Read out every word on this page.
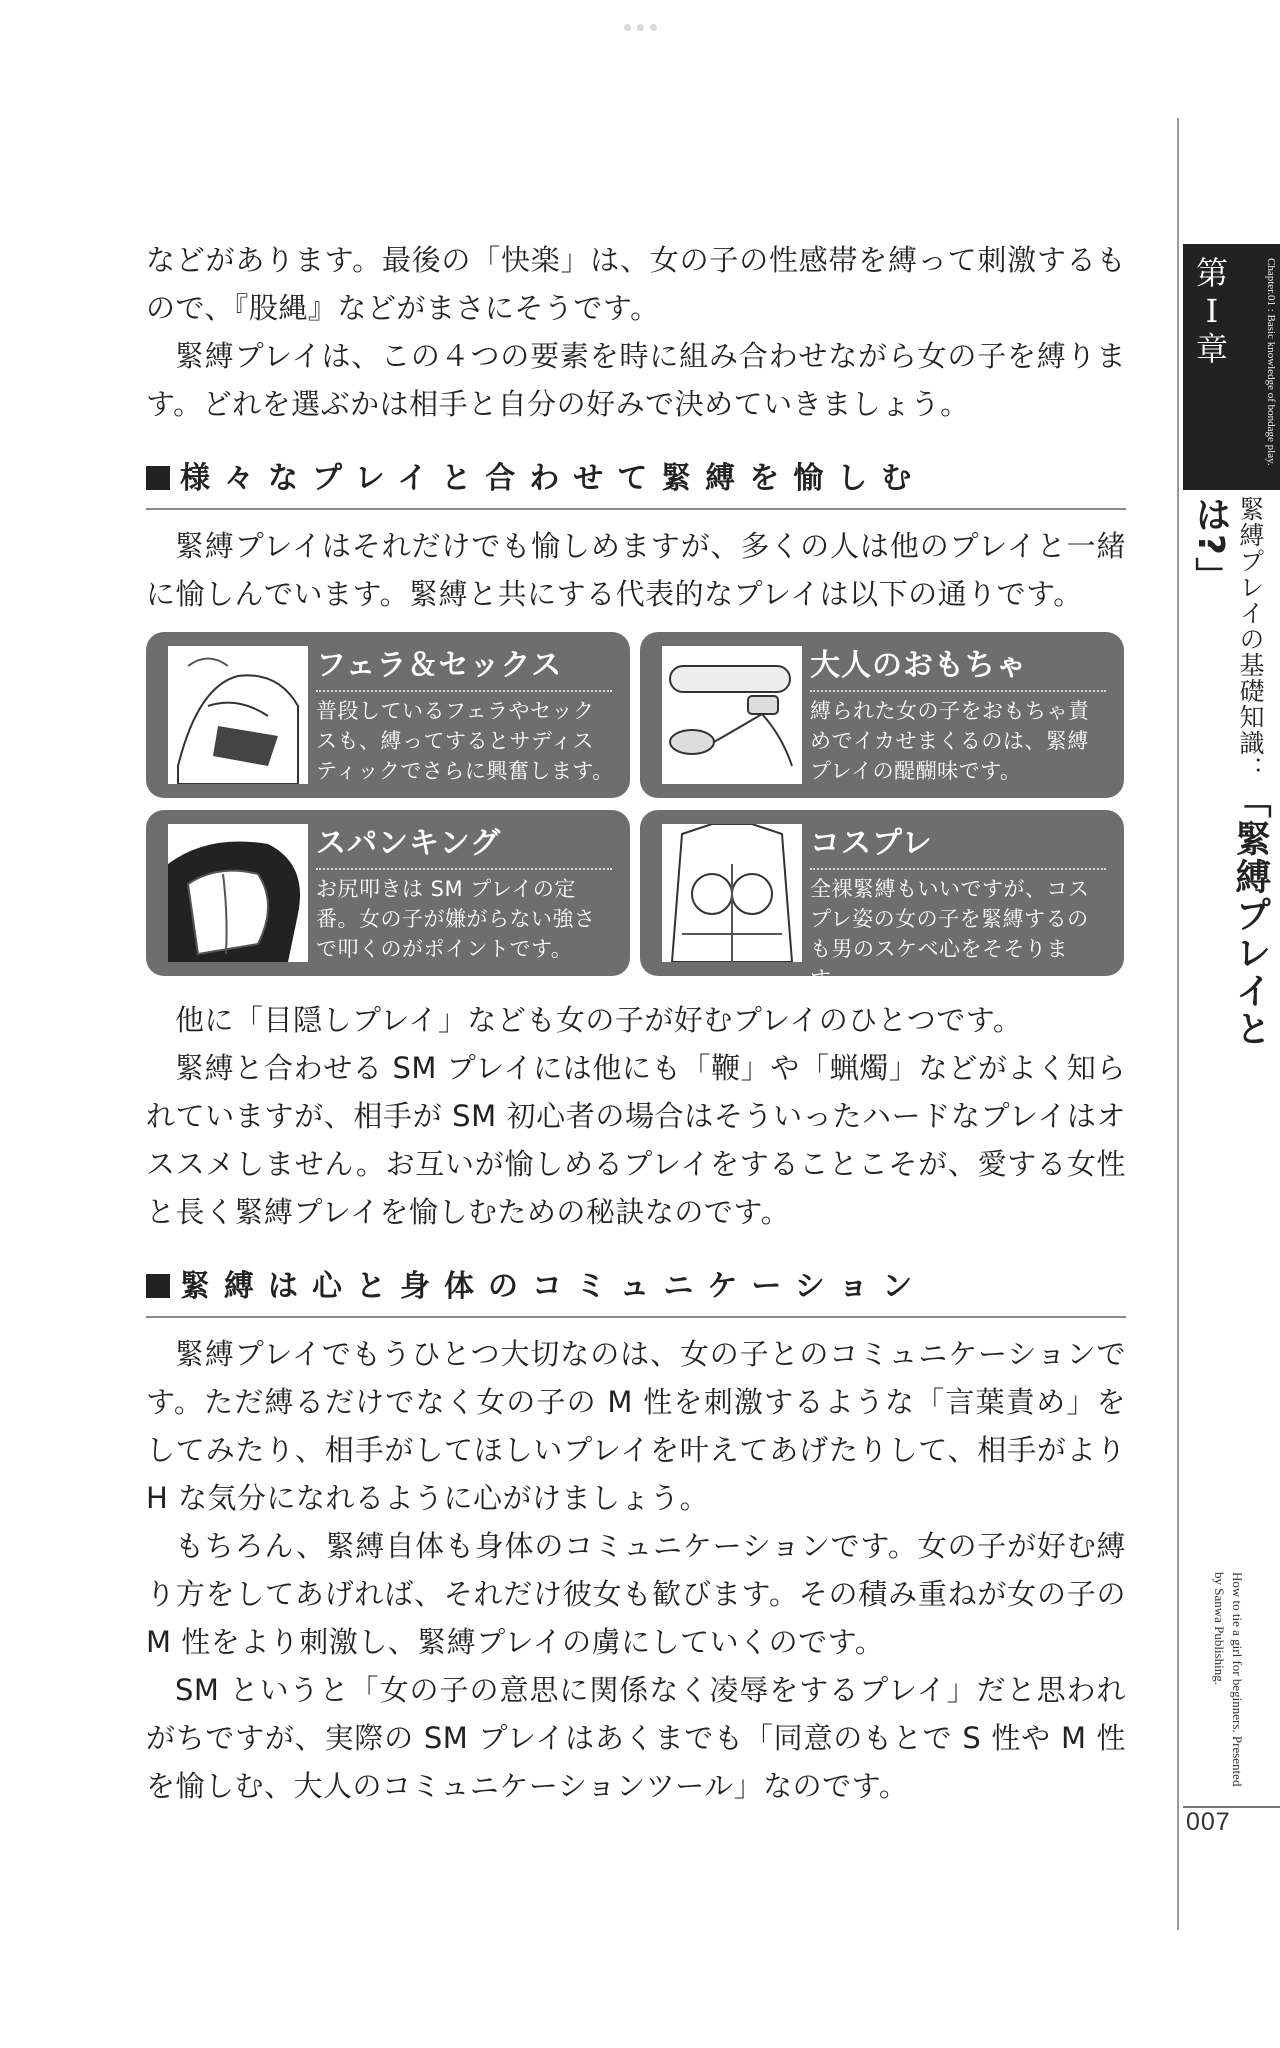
などがあります。最後の「快楽」は、女の子の性感帯を縛って刺激するもので、『股縄』などがまさにそうです。

緊縛プレイは、この４つの要素を時に組み合わせながら女の子を縛ります。どれを選ぶかは相手と自分の好みで決めていきましょう。

様々なプレイと合わせて緊縛を愉しむ

緊縛プレイはそれだけでも愉しめますが、多くの人は他のプレイと一緒に愉しんでいます。緊縛と共にする代表的なプレイは以下の通りです。

フェラ＆セックス
普段しているフェラやセックスも、縛ってするとサディスティックでさらに興奮します。
大人のおもちゃ
縛られた女の子をおもちゃ責めでイカせまくるのは、緊縛プレイの醍醐味です。
スパンキング
お尻叩きは SM プレイの定番。女の子が嫌がらない強さで叩くのがポイントです。
コスプレ
全裸緊縛もいいですが、コスプレ姿の女の子を緊縛するのも男のスケベ心をそそります。

他に「目隠しプレイ」なども女の子が好むプレイのひとつです。

緊縛と合わせる SM プレイには他にも「鞭」や「蝋燭」などがよく知られていますが、相手が SM 初心者の場合はそういったハードなプレイはオススメしません。お互いが愉しめるプレイをすることこそが、愛する女性と長く緊縛プレイを愉しむための秘訣なのです。

緊縛は心と身体のコミュニケーション

緊縛プレイでもうひとつ大切なのは、女の子とのコミュニケーションです。ただ縛るだけでなく女の子の M 性を刺激するような「言葉責め」をしてみたり、相手がしてほしいプレイを叶えてあげたりして、相手がより H な気分になれるように心がけましょう。

もちろん、緊縛自体も身体のコミュニケーションです。女の子が好む縛り方をしてあげれば、それだけ彼女も歓びます。その積み重ねが女の子の M 性をより刺激し、緊縛プレイの虜にしていくのです。

SM というと「女の子の意思に関係なく凌辱をするプレイ」だと思われがちですが、実際の SM プレイはあくまでも「同意のもとで S 性や M 性を愉しむ、大人のコミュニケーションツール」なのです。

第Ⅰ章	Chapter.01 : Basic knowledge of bondage play.
緊縛プレイの基礎知識：「緊縛プレイとは?」
How to tie a girl for beginners. Presented by Sanwa Publishing.
007
